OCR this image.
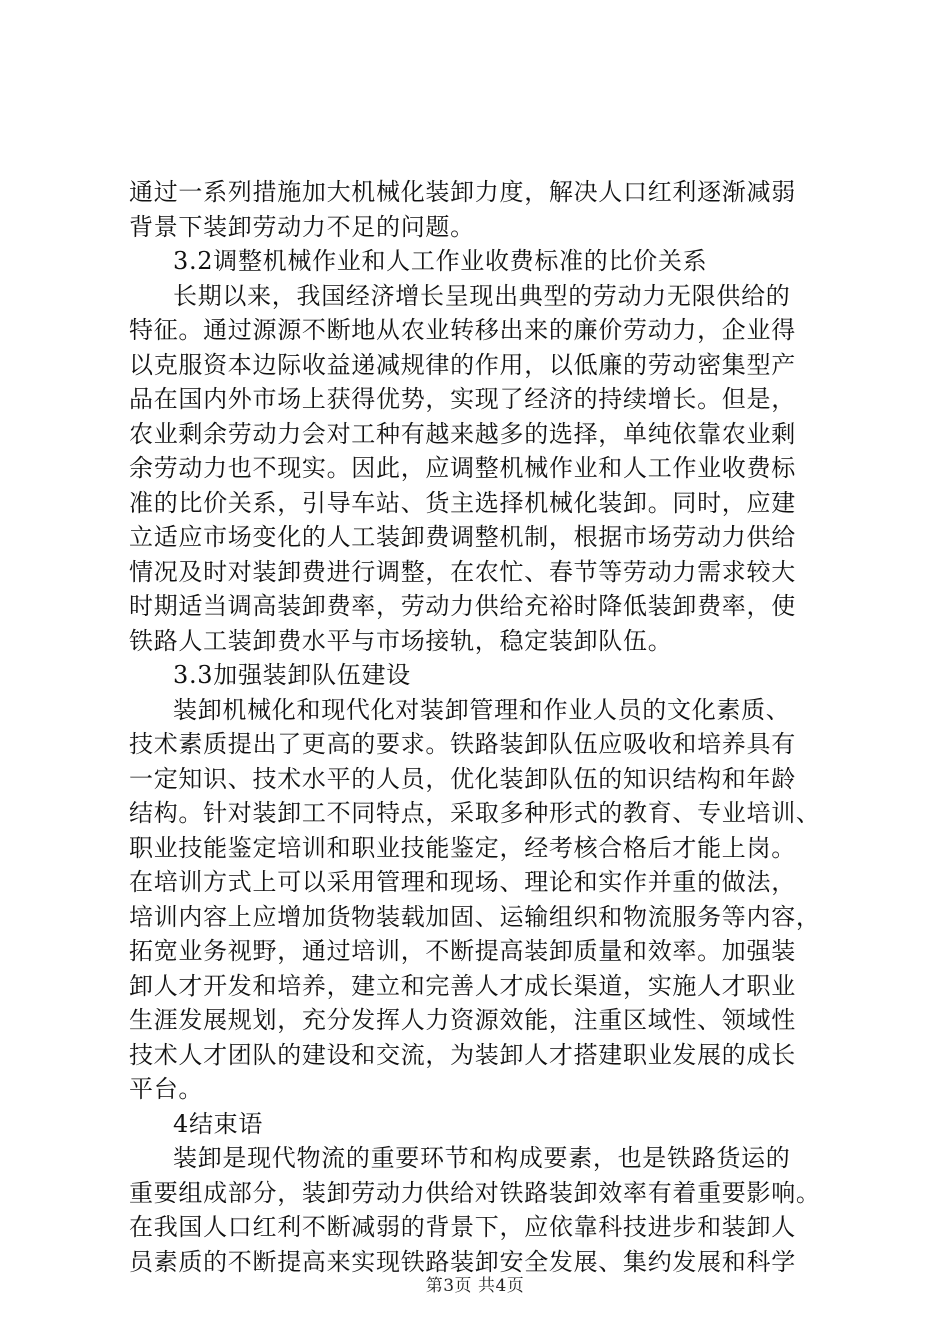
通过一系列措施加大机械化装卸力度，解决人口红利逐渐减弱
背景下装卸劳动力不足的问题。
3.2调整机械作业和人工作业收费标准的比价关系
长期以来，我国经济增长呈现出典型的劳动力无限供给的
特征。通过源源不断地从农业转移出来的廉价劳动力，企业得
以克服资本边际收益递减规律的作用，以低廉的劳动密集型产
品在国内外市场上获得优势，实现了经济的持续增长。但是，
农业剩余劳动力会对工种有越来越多的选择，单纯依靠农业剩
余劳动力也不现实。因此，应调整机械作业和人工作业收费标
准的比价关系，引导车站、货主选择机械化装卸。同时，应建
立适应市场变化的人工装卸费调整机制，根据市场劳动力供给
情况及时对装卸费进行调整，在农忙、春节等劳动力需求较大
时期适当调高装卸费率，劳动力供给充裕时降低装卸费率，使
铁路人工装卸费水平与市场接轨，稳定装卸队伍。
3.3加强装卸队伍建设
装卸机械化和现代化对装卸管理和作业人员的文化素质、
技术素质提出了更高的要求。铁路装卸队伍应吸收和培养具有
一定知识、技术水平的人员，优化装卸队伍的知识结构和年龄
结构。针对装卸工不同特点，采取多种形式的教育、专业培训、
职业技能鉴定培训和职业技能鉴定，经考核合格后才能上岗。
在培训方式上可以采用管理和现场、理论和实作并重的做法，
培训内容上应增加货物装载加固、运输组织和物流服务等内容，
拓宽业务视野，通过培训，不断提高装卸质量和效率。加强装
卸人才开发和培养，建立和完善人才成长渠道，实施人才职业
生涯发展规划，充分发挥人力资源效能，注重区域性、领域性
技术人才团队的建设和交流，为装卸人才搭建职业发展的成长
平台。
4结束语
装卸是现代物流的重要环节和构成要素，也是铁路货运的
重要组成部分，装卸劳动力供给对铁路装卸效率有着重要影响。
在我国人口红利不断减弱的背景下，应依靠科技进步和装卸人
员素质的不断提高来实现铁路装卸安全发展、集约发展和科学
第3页 共4页
